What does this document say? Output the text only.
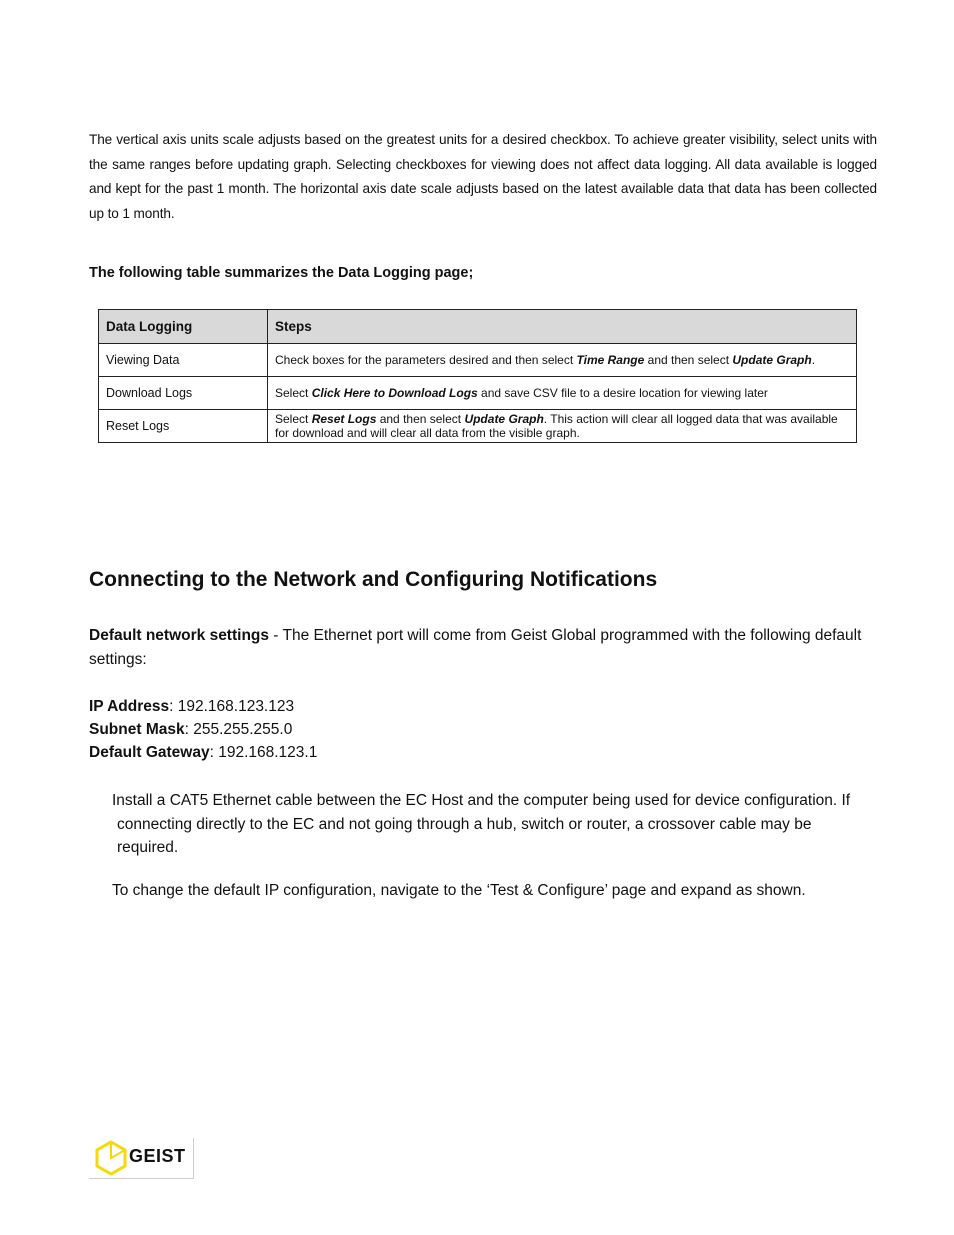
The vertical axis units scale adjusts based on the greatest units for a desired checkbox. To achieve greater visibility, select units with the same ranges before updating graph. Selecting checkboxes for viewing does not affect data logging. All data available is logged and kept for the past 1 month. The horizontal axis date scale adjusts based on the latest available data that data has been collected up to 1 month.
The following table summarizes the Data Logging page;
Data Logging	Steps
Viewing Data	Check boxes for the parameters desired and then select Time Range and then select Update Graph.
Download Logs	Select Click Here to Download Logs and save CSV file to a desire location for viewing later
Reset Logs	Select Reset Logs and then select Update Graph. This action will clear all logged data that was available for download and will clear all data from the visible graph.
Connecting to the Network and Configuring Notifications
Default network settings - The Ethernet port will come from Geist Global programmed with the following default settings:
IP Address: 192.168.123.123
Subnet Mask: 255.255.255.0
Default Gateway: 192.168.123.1
Install a CAT5 Ethernet cable between the EC Host and the computer being used for device configuration. If
connecting directly to the EC and not going through a hub, switch or router, a crossover cable may be
required.
To change the default IP configuration, navigate to the ‘Test & Configure’ page and expand as shown.
GEIST
